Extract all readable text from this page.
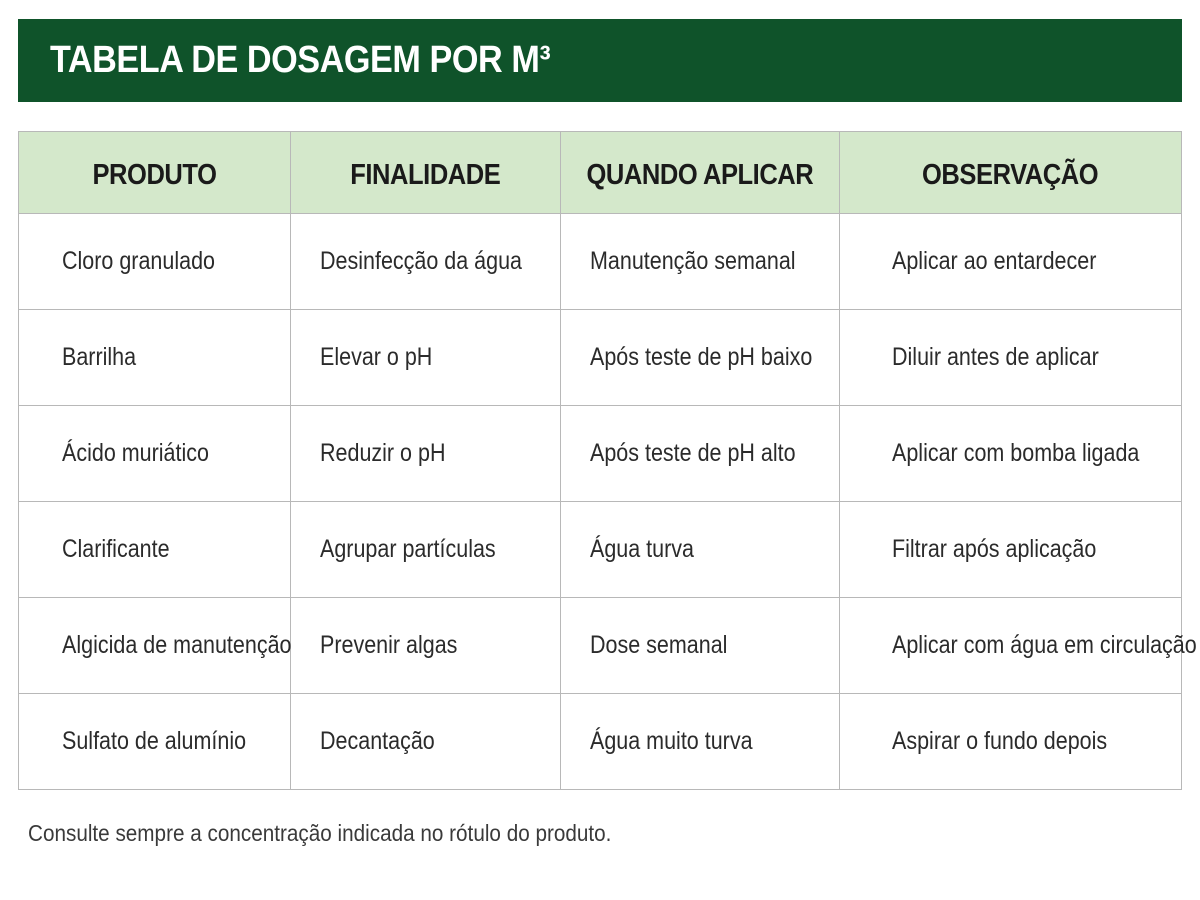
TABELA DE DOSAGEM POR M³
PRODUTO	FINALIDADE	QUANDO APLICAR	OBSERVAÇÃO
Cloro granulado	Desinfecção da água	Manutenção semanal	Aplicar ao entardecer
Barrilha	Elevar o pH	Após teste de pH baixo	Diluir antes de aplicar
Ácido muriático	Reduzir o pH	Após teste de pH alto	Aplicar com bomba ligada
Clarificante	Agrupar partículas	Água turva	Filtrar após aplicação
Algicida de manutenção	Prevenir algas	Dose semanal	Aplicar com água em circulação
Sulfato de alumínio	Decantação	Água muito turva	Aspirar o fundo depois
Consulte sempre a concentração indicada no rótulo do produto.
